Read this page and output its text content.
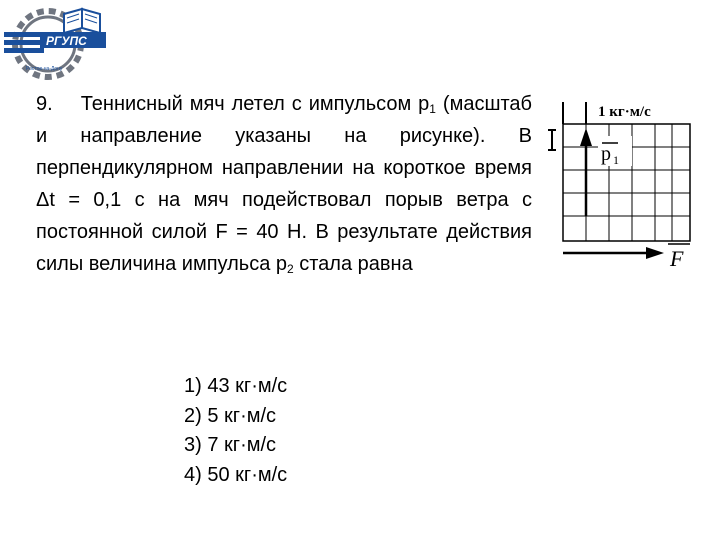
РГУПС
Ростов-на-Дону
9. Теннисный мяч летел с импульсом $p_1$ (масштаб и направление указаны на рисунке). В перпендикулярном направлении на короткое время Δt = 0,1 с на мяч подействовал порыв ветра с постоянной силой F = 40 Н. В результате действия силы величина импульса $p_2$ стала равна
1 кг·м/с
p 1
F
1) 43 кг·м/с
2) 5 кг·м/с
3) 7 кг·м/с
4) 50 кг·м/с
